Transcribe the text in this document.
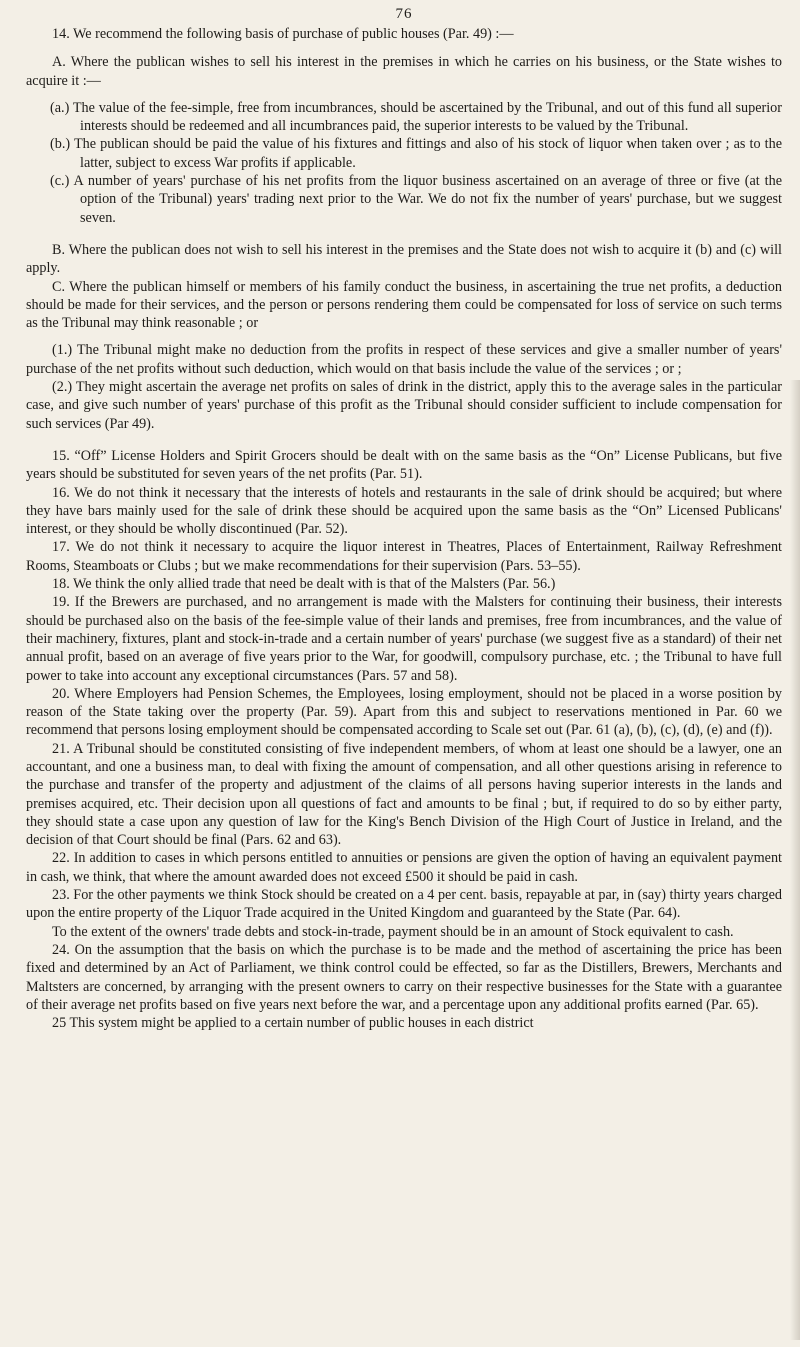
76

14. We recommend the following basis of purchase of public houses (Par. 49) :—

A. Where the publican wishes to sell his interest in the premises in which he carries on his business, or the State wishes to acquire it :—

(a.) The value of the fee-simple, free from incumbrances, should be ascertained by the Tribunal, and out of this fund all superior interests should be redeemed and all incumbrances paid, the superior interests to be valued by the Tribunal.

(b.) The publican should be paid the value of his fixtures and fittings and also of his stock of liquor when taken over ; as to the latter, subject to excess War profits if applicable.

(c.) A number of years' purchase of his net profits from the liquor business ascertained on an average of three or five (at the option of the Tribunal) years' trading next prior to the War. We do not fix the number of years' purchase, but we suggest seven.

B. Where the publican does not wish to sell his interest in the premises and the State does not wish to acquire it (b) and (c) will apply.

C. Where the publican himself or members of his family conduct the business, in ascertaining the true net profits, a deduction should be made for their services, and the person or persons rendering them could be compensated for loss of service on such terms as the Tribunal may think reasonable ; or

(1.) The Tribunal might make no deduction from the profits in respect of these services and give a smaller number of years' purchase of the net profits without such deduction, which would on that basis include the value of the services ; or ;

(2.) They might ascertain the average net profits on sales of drink in the district, apply this to the average sales in the particular case, and give such number of years' purchase of this profit as the Tribunal should consider sufficient to include compensation for such services (Par 49).

15. “Off” License Holders and Spirit Grocers should be dealt with on the same basis as the “On” License Publicans, but five years should be substituted for seven years of the net profits (Par. 51).

16. We do not think it necessary that the interests of hotels and restaurants in the sale of drink should be acquired; but where they have bars mainly used for the sale of drink these should be acquired upon the same basis as the “On” Licensed Publicans' interest, or they should be wholly discontinued (Par. 52).

17. We do not think it necessary to acquire the liquor interest in Theatres, Places of Entertainment, Railway Refreshment Rooms, Steamboats or Clubs ; but we make recommendations for their supervision (Pars. 53–55).

18. We think the only allied trade that need be dealt with is that of the Malsters (Par. 56.)

19. If the Brewers are purchased, and no arrangement is made with the Malsters for continuing their business, their interests should be purchased also on the basis of the fee-simple value of their lands and premises, free from incumbrances, and the value of their machinery, fixtures, plant and stock-in-trade and a certain number of years' purchase (we suggest five as a standard) of their net annual profit, based on an average of five years prior to the War, for goodwill, compulsory purchase, etc. ; the Tribunal to have full power to take into account any exceptional circumstances (Pars. 57 and 58).

20. Where Employers had Pension Schemes, the Employees, losing employment, should not be placed in a worse position by reason of the State taking over the property (Par. 59). Apart from this and subject to reservations mentioned in Par. 60 we recommend that persons losing employment should be compensated according to Scale set out (Par. 61 (a), (b), (c), (d), (e) and (f)).

21. A Tribunal should be constituted consisting of five independent members, of whom at least one should be a lawyer, one an accountant, and one a business man, to deal with fixing the amount of compensation, and all other questions arising in reference to the purchase and transfer of the property and adjustment of the claims of all persons having superior interests in the lands and premises acquired, etc. Their decision upon all questions of fact and amounts to be final ; but, if required to do so by either party, they should state a case upon any question of law for the King's Bench Division of the High Court of Justice in Ireland, and the decision of that Court should be final (Pars. 62 and 63).

22. In addition to cases in which persons entitled to annuities or pensions are given the option of having an equivalent payment in cash, we think, that where the amount awarded does not exceed £500 it should be paid in cash.

23. For the other payments we think Stock should be created on a 4 per cent. basis, repayable at par, in (say) thirty years charged upon the entire property of the Liquor Trade acquired in the United Kingdom and guaranteed by the State (Par. 64).

To the extent of the owners' trade debts and stock-in-trade, payment should be in an amount of Stock equivalent to cash.

24. On the assumption that the basis on which the purchase is to be made and the method of ascertaining the price has been fixed and determined by an Act of Parliament, we think control could be effected, so far as the Distillers, Brewers, Merchants and Maltsters are concerned, by arranging with the present owners to carry on their respective businesses for the State with a guarantee of their average net profits based on five years next before the war, and a percentage upon any additional profits earned (Par. 65).

25 This system might be applied to a certain number of public houses in each district
